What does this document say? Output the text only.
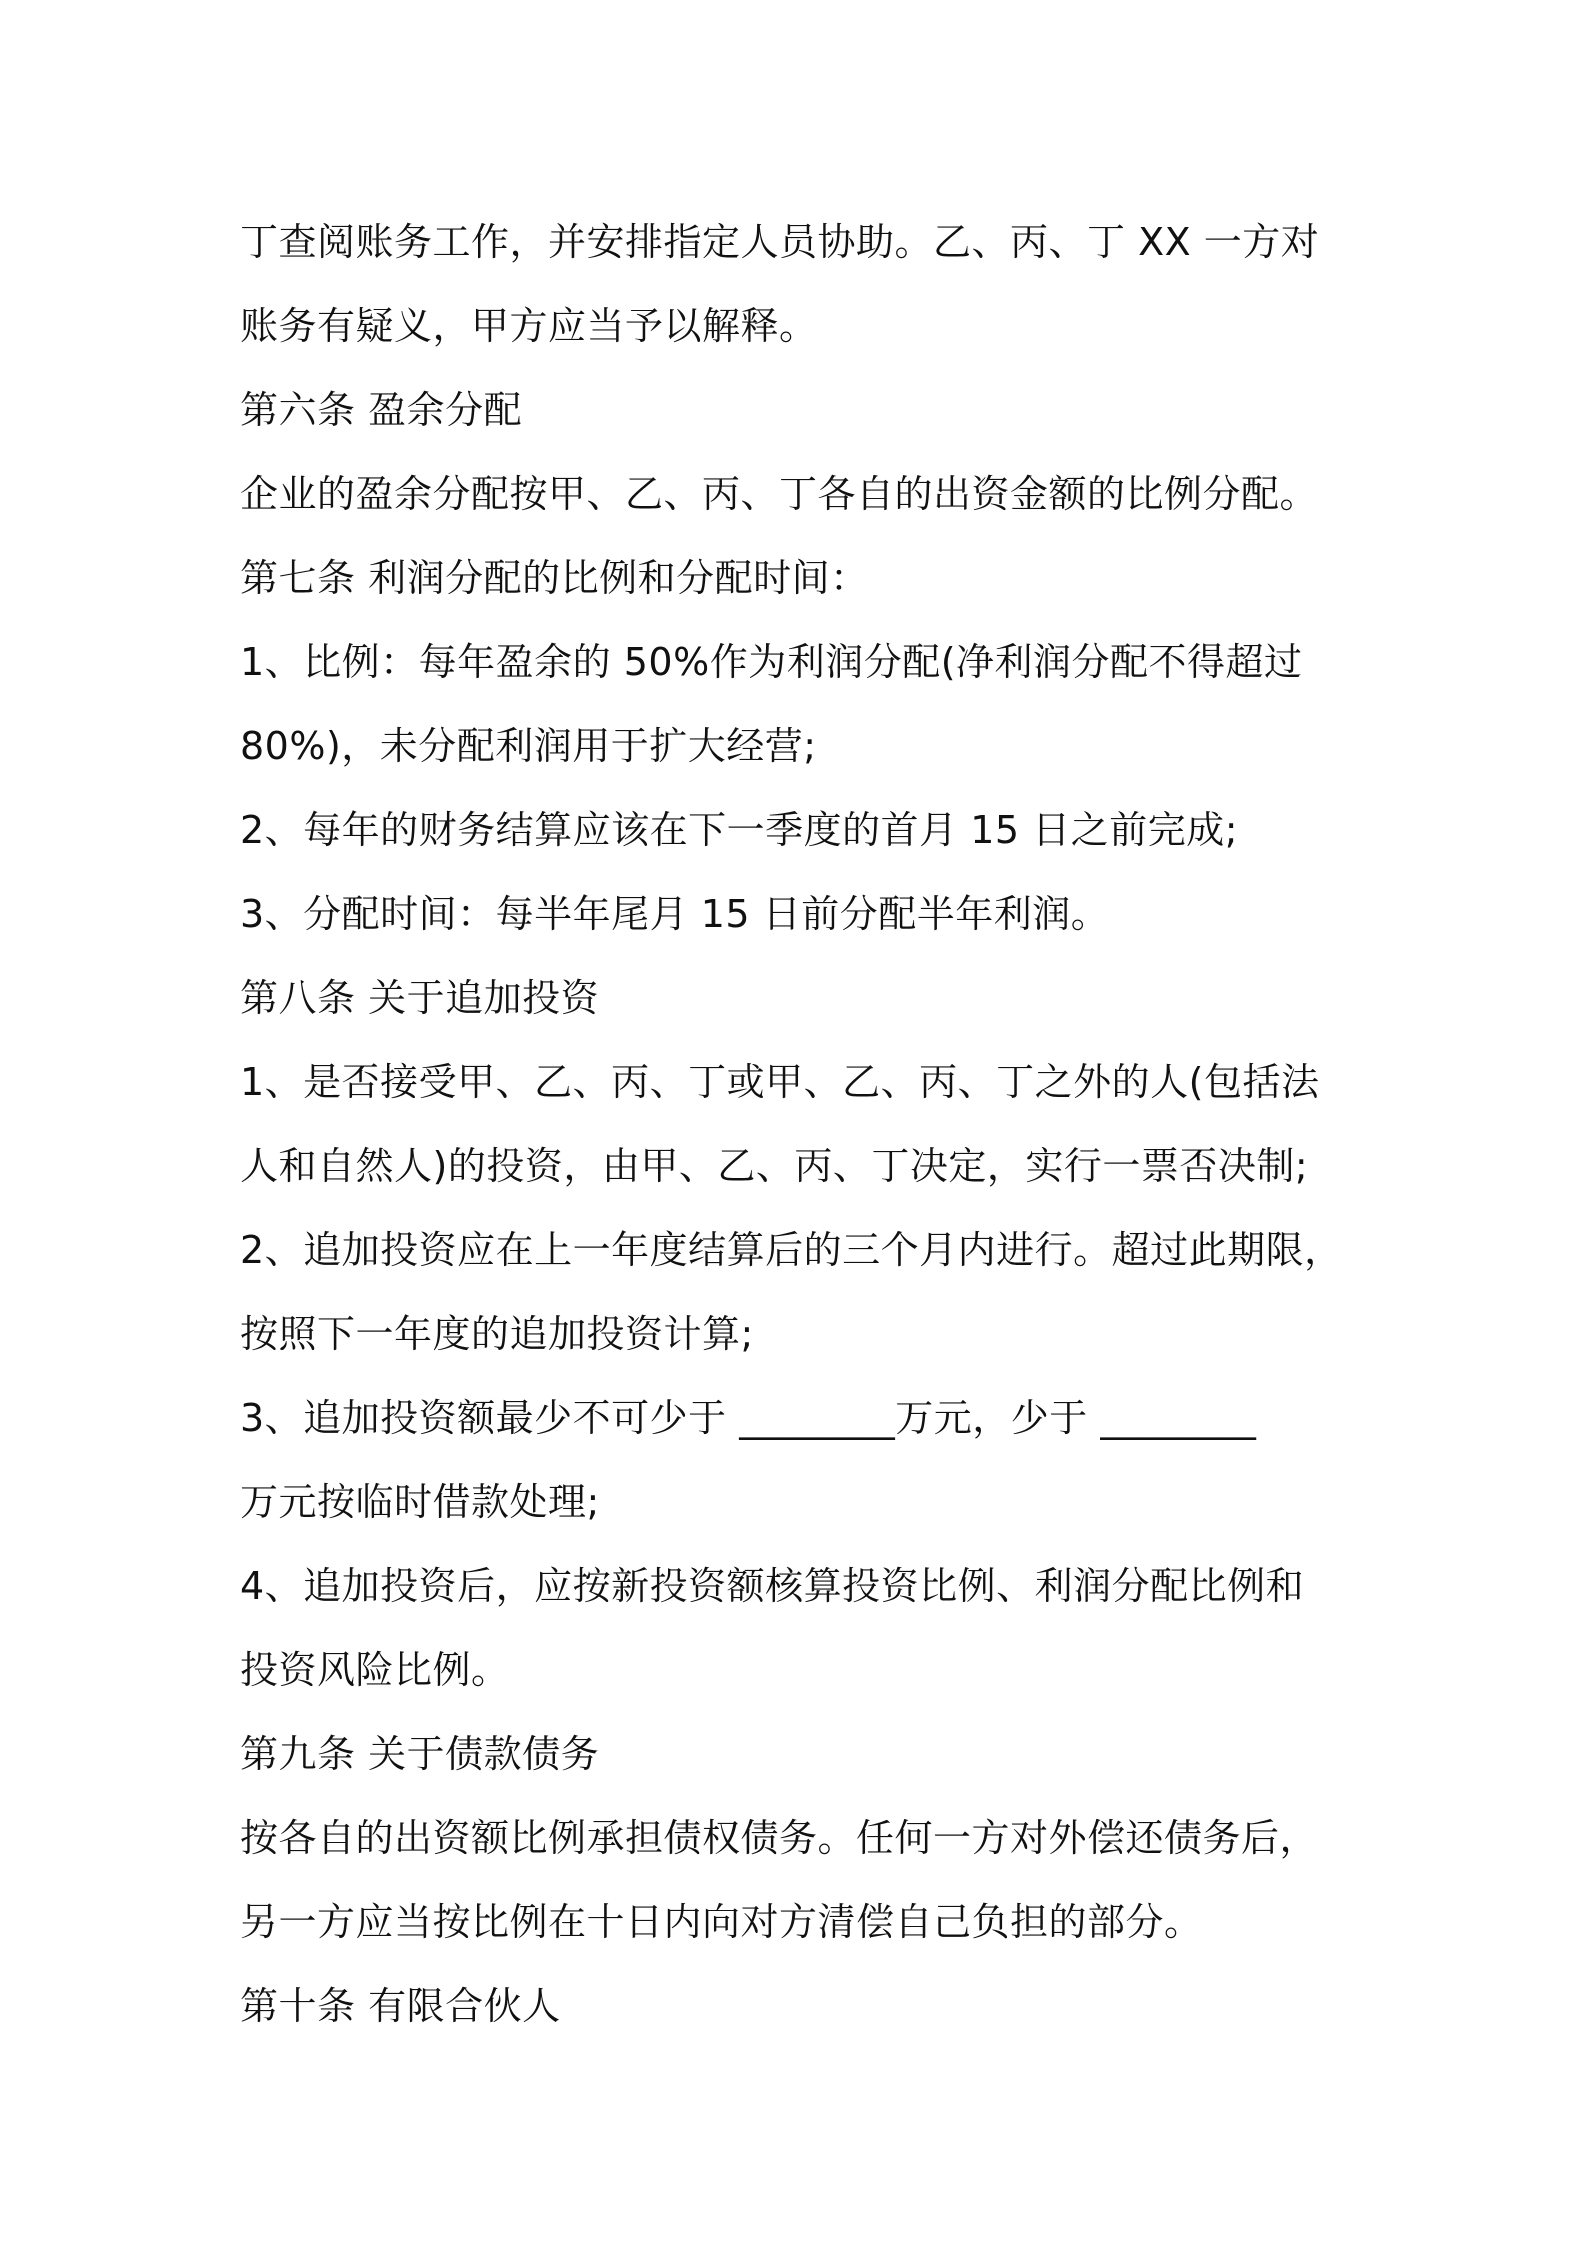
丁查阅账务工作，并安排指定人员协助。乙、丙、丁 XX 一方对
账务有疑义，甲方应当予以解释。
第六条 盈余分配
企业的盈余分配按甲、乙、丙、丁各自的出资金额的比例分配。
第七条 利润分配的比例和分配时间：
1、比例：每年盈余的 50%作为利润分配(净利润分配不得超过
80%)，未分配利润用于扩大经营;
2、每年的财务结算应该在下一季度的首月 15 日之前完成;
3、分配时间：每半年尾月 15 日前分配半年利润。
第八条 关于追加投资
1、是否接受甲、乙、丙、丁或甲、乙、丙、丁之外的人(包括法
人和自然人)的投资，由甲、乙、丙、丁决定，实行一票否决制;
2、追加投资应在上一年度结算后的三个月内进行。超过此期限，
按照下一年度的追加投资计算;
3、追加投资额最少不可少于 ________万元，少于 ________
万元按临时借款处理;
4、追加投资后，应按新投资额核算投资比例、利润分配比例和
投资风险比例。
第九条 关于债款债务
按各自的出资额比例承担债权债务。任何一方对外偿还债务后，
另一方应当按比例在十日内向对方清偿自己负担的部分。
第十条 有限合伙人
